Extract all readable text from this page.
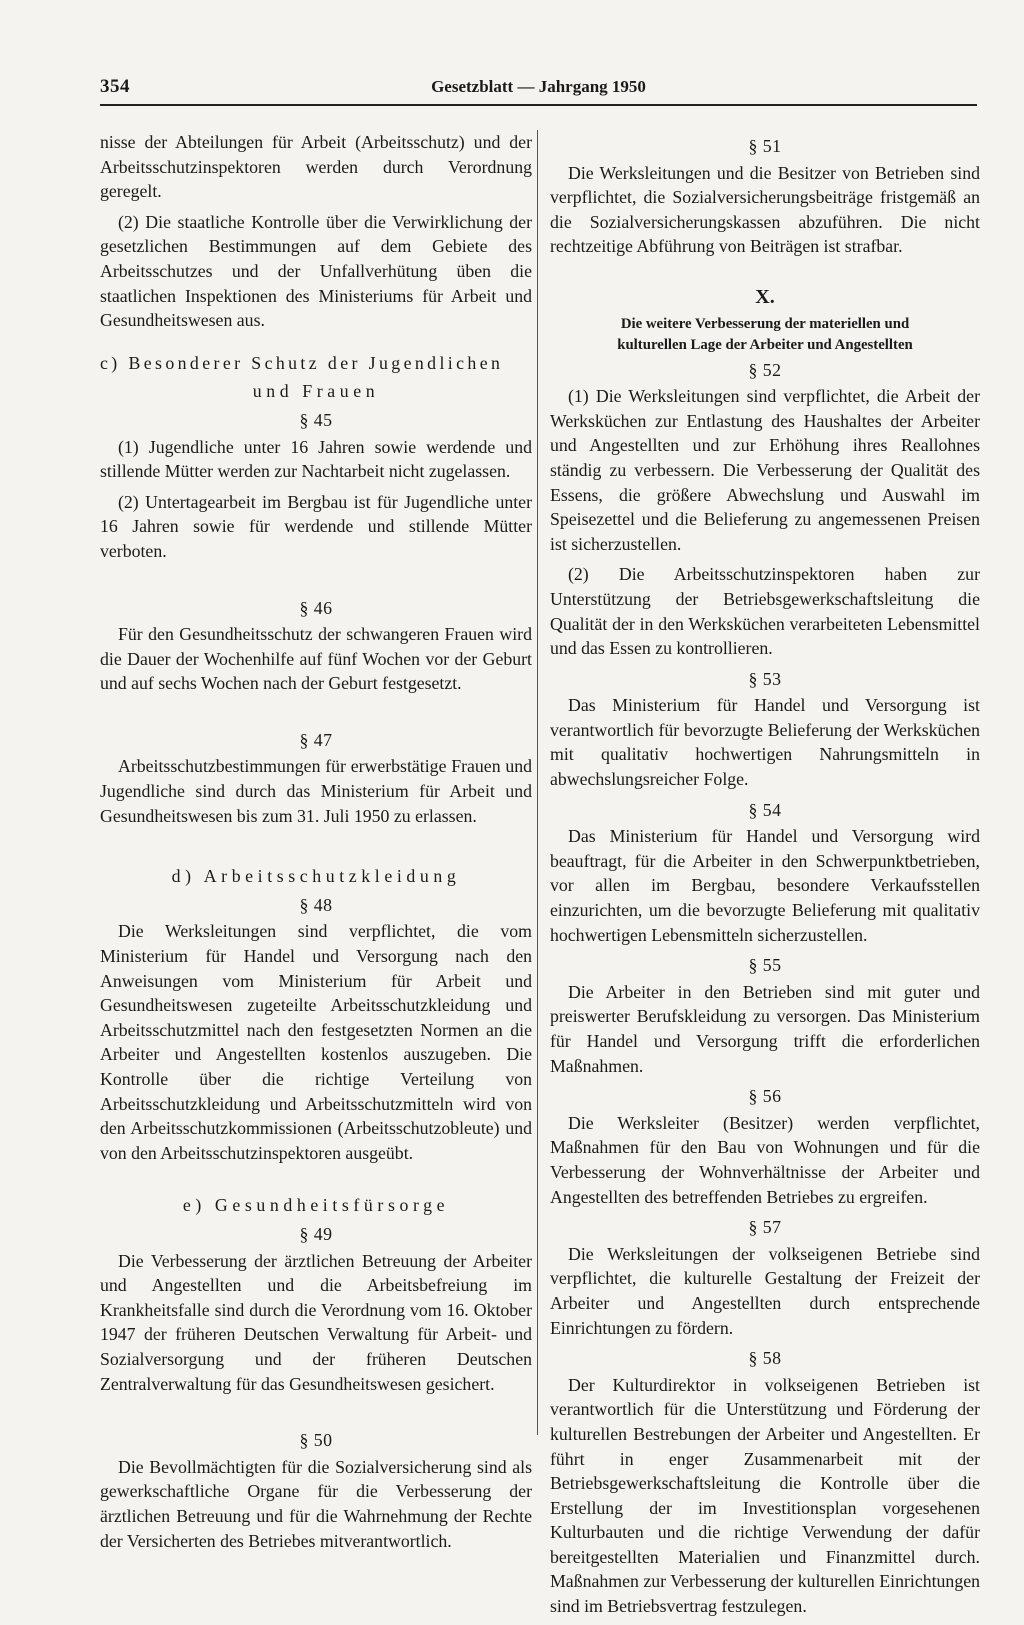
354	Gesetzblatt — Jahrgang 1950

nisse der Abteilungen für Arbeit (Arbeitsschutz) und der Arbeitsschutzinspektoren werden durch Verordnung geregelt.

(2) Die staatliche Kontrolle über die Verwirklichung der gesetzlichen Bestimmungen auf dem Gebiete des Arbeitsschutzes und der Unfallverhütung üben die staatlichen Inspektionen des Ministeriums für Arbeit und Gesundheitswesen aus.

c) Besonderer Schutz der Jugendlichen
und Frauen
§ 45

(1) Jugendliche unter 16 Jahren sowie werdende und stillende Mütter werden zur Nachtarbeit nicht zugelassen.

(2) Untertagearbeit im Bergbau ist für Jugendliche unter 16 Jahren sowie für werdende und stillende Mütter verboten.

§ 46

Für den Gesundheitsschutz der schwangeren Frauen wird die Dauer der Wochenhilfe auf fünf Wochen vor der Geburt und auf sechs Wochen nach der Geburt festgesetzt.

§ 47

Arbeitsschutzbestimmungen für erwerbstätige Frauen und Jugendliche sind durch das Ministerium für Arbeit und Gesundheitswesen bis zum 31. Juli 1950 zu erlassen.

d) Arbeitsschutzkleidung
§ 48

Die Werksleitungen sind verpflichtet, die vom Ministerium für Handel und Versorgung nach den Anweisungen vom Ministerium für Arbeit und Gesundheitswesen zugeteilte Arbeitsschutzkleidung und Arbeitsschutzmittel nach den festgesetzten Normen an die Arbeiter und Angestellten kostenlos auszugeben. Die Kontrolle über die richtige Verteilung von Arbeitsschutzkleidung und Arbeitsschutzmitteln wird von den Arbeitsschutzkommissionen (Arbeitsschutzobleute) und von den Arbeitsschutzinspektoren ausgeübt.

e) Gesundheitsfürsorge
§ 49

Die Verbesserung der ärztlichen Betreuung der Arbeiter und Angestellten und die Arbeitsbefreiung im Krankheitsfalle sind durch die Verordnung vom 16. Oktober 1947 der früheren Deutschen Verwaltung für Arbeit- und Sozialversorgung und der früheren Deutschen Zentralverwaltung für das Gesundheitswesen gesichert.

§ 50

Die Bevollmächtigten für die Sozialversicherung sind als gewerkschaftliche Organe für die Verbesserung der ärztlichen Betreuung und für die Wahrnehmung der Rechte der Versicherten des Betriebes mitverantwortlich.

§ 51

Die Werksleitungen und die Besitzer von Betrieben sind verpflichtet, die Sozialversicherungsbeiträge fristgemäß an die Sozialversicherungskassen abzuführen. Die nicht rechtzeitige Abführung von Beiträgen ist strafbar.

X.
Die weitere Verbesserung der materiellen und
kulturellen Lage der Arbeiter und Angestellten
§ 52

(1) Die Werksleitungen sind verpflichtet, die Arbeit der Werksküchen zur Entlastung des Haushaltes der Arbeiter und Angestellten und zur Erhöhung ihres Reallohnes ständig zu verbessern. Die Verbesserung der Qualität des Essens, die größere Abwechslung und Auswahl im Speisezettel und die Belieferung zu angemessenen Preisen ist sicherzustellen.

(2) Die Arbeitsschutzinspektoren haben zur Unterstützung der Betriebsgewerkschaftsleitung die Qualität der in den Werksküchen verarbeiteten Lebensmittel und das Essen zu kontrollieren.

§ 53

Das Ministerium für Handel und Versorgung ist verantwortlich für bevorzugte Belieferung der Werksküchen mit qualitativ hochwertigen Nahrungsmitteln in abwechslungsreicher Folge.

§ 54

Das Ministerium für Handel und Versorgung wird beauftragt, für die Arbeiter in den Schwerpunktbetrieben, vor allen im Bergbau, besondere Verkaufsstellen einzurichten, um die bevorzugte Belieferung mit qualitativ hochwertigen Lebensmitteln sicherzustellen.

§ 55

Die Arbeiter in den Betrieben sind mit guter und preiswerter Berufskleidung zu versorgen. Das Ministerium für Handel und Versorgung trifft die erforderlichen Maßnahmen.

§ 56

Die Werksleiter (Besitzer) werden verpflichtet, Maßnahmen für den Bau von Wohnungen und für die Verbesserung der Wohnverhältnisse der Arbeiter und Angestellten des betreffenden Betriebes zu ergreifen.

§ 57

Die Werksleitungen der volkseigenen Betriebe sind verpflichtet, die kulturelle Gestaltung der Freizeit der Arbeiter und Angestellten durch entsprechende Einrichtungen zu fördern.

§ 58

Der Kulturdirektor in volkseigenen Betrieben ist verantwortlich für die Unterstützung und Förderung der kulturellen Bestrebungen der Arbeiter und Angestellten. Er führt in enger Zusammenarbeit mit der Betriebsgewerkschaftsleitung die Kontrolle über die Erstellung der im Investitionsplan vorgesehenen Kulturbauten und die richtige Verwendung der dafür bereitgestellten Materialien und Finanzmittel durch. Maßnahmen zur Verbesserung der kulturellen Einrichtungen sind im Betriebsvertrag festzulegen.
